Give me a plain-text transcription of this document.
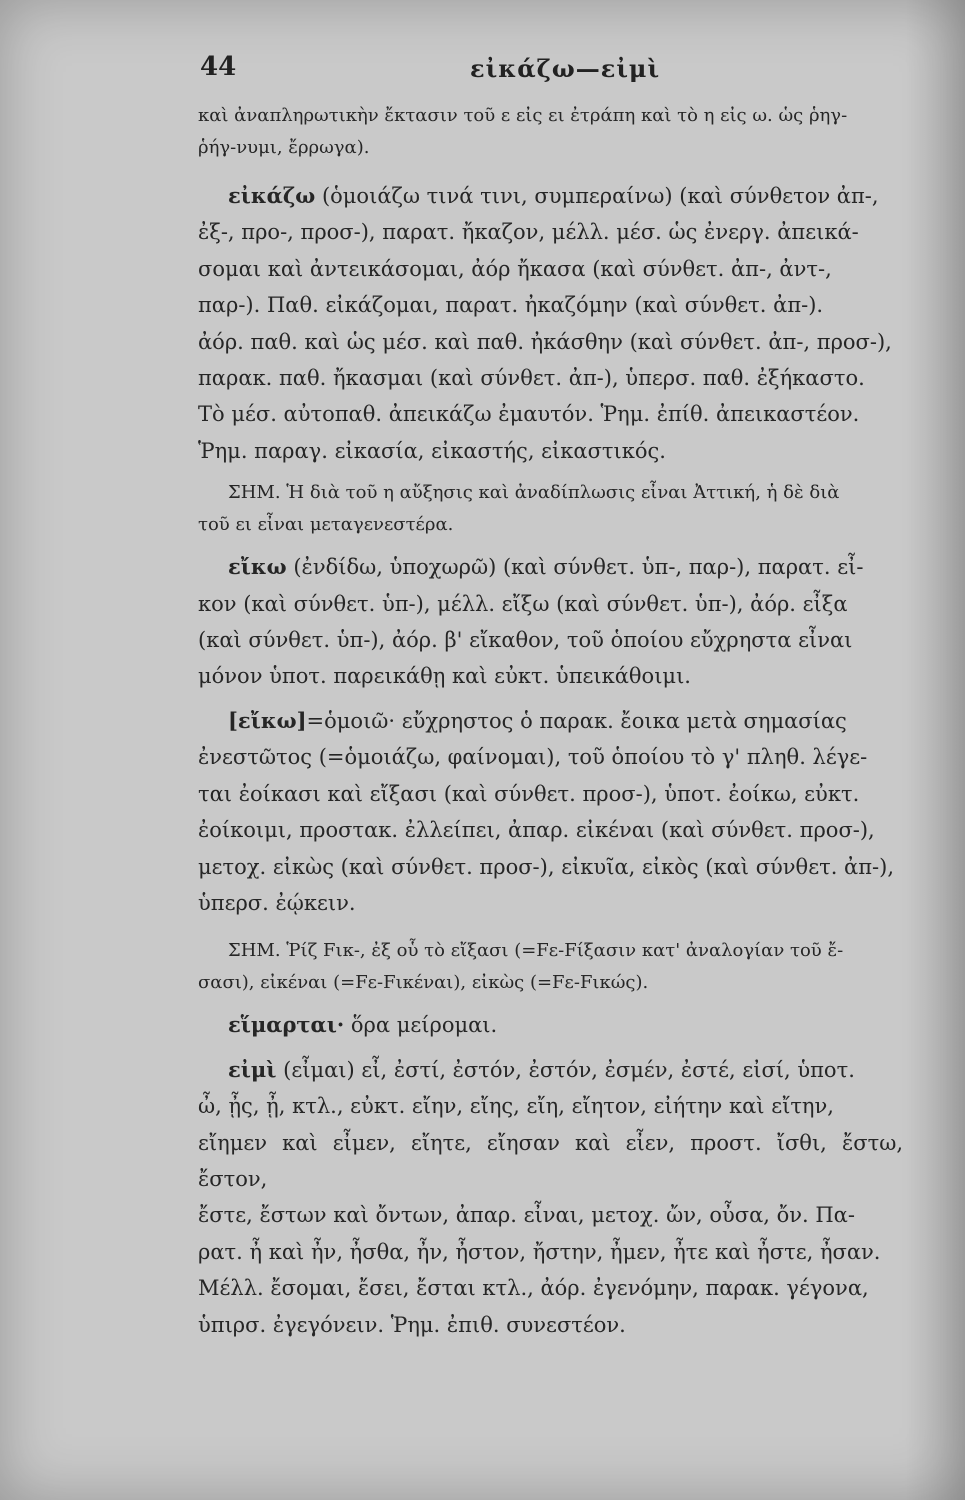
44	εἰκάζω—εἰμὶ
καὶ ἀναπληρωτικὴν ἔκτασιν τοῦ ε εἰς ει ἐτράπη καὶ τὸ η εἰς ω. ὡς ῥηγ-
ῥήγ-νυμι, ἔρρωγα).
εἰκάζω (ὁμοιάζω τινά τινι, συμπεραίνω) (καὶ σύνθετον ἀπ-,
ἐξ-, προ-, προσ-), παρατ. ἤκαζον, μέλλ. μέσ. ὡς ἐνεργ. ἀπεικά-
σομαι καὶ ἀντεικάσομαι, ἀόρ ἤκασα (καὶ σύνθετ. ἀπ-, ἀντ-,
παρ-). Παθ. εἰκάζομαι, παρατ. ἠκαζόμην (καὶ σύνθετ. ἀπ-).
ἀόρ. παθ. καὶ ὡς μέσ. καὶ παθ. ἠκάσθην (καὶ σύνθετ. ἀπ-, προσ-),
παρακ. παθ. ἤκασμαι (καὶ σύνθετ. ἀπ-), ὑπερσ. παθ. ἐξήκαστο.
Τὸ μέσ. αὐτοπαθ. ἀπεικάζω ἐμαυτόν. Ῥημ. ἐπίθ. ἀπεικαστέον.
Ῥημ. παραγ. εἰκασία, εἰκαστής, εἰκαστικός.
ΣΗΜ. Ἡ διὰ τοῦ η αὔξησις καὶ ἀναδίπλωσις εἶναι Ἀττική, ἡ δὲ διὰ
τοῦ ει εἶναι μεταγενεστέρα.
εἴκω (ἐνδίδω, ὑποχωρῶ) (καὶ σύνθετ. ὑπ-, παρ-), παρατ. εἶ-
κον (καὶ σύνθετ. ὑπ-), μέλλ. εἴξω (καὶ σύνθετ. ὑπ-), ἀόρ. εἶξα
(καὶ σύνθετ. ὑπ-), ἀόρ. β' εἴκαθον, τοῦ ὁποίου εὔχρηστα εἶναι
μόνον ὑποτ. παρεικάθῃ καὶ εὐκτ. ὑπεικάθοιμι.
[εἴκω]=ὁμοιῶ· εὔχρηστος ὁ παρακ. ἔοικα μετὰ σημασίας
ἐνεστῶτος (=ὁμοιάζω, φαίνομαι), τοῦ ὁποίου τὸ γ' πληθ. λέγε-
ται ἐοίκασι καὶ εἴξασι (καὶ σύνθετ. προσ-), ὑποτ. ἐοίκω, εὐκτ.
ἐοίκοιμι, προστακ. ἐλλείπει, ἀπαρ. εἰκέναι (καὶ σύνθετ. προσ-),
μετοχ. εἰκὼς (καὶ σύνθετ. προσ-), εἰκυῖα, εἰκὸς (καὶ σύνθετ. ἀπ-),
ὑπερσ. ἐῴκειν.
ΣΗΜ. Ῥίζ Fικ-, ἐξ οὗ τὸ εἴξασι (=Fε-Fίξασιν κατ' ἀναλογίαν τοῦ ἔ-
σασι), εἰκέναι (=Fε-Fικέναι), εἰκὼς (=Fε-Fικώς).
εἵμαρται· ὅρα μείρομαι.
εἰμὶ (εἶμαι) εἶ, ἐστί, ἐστόν, ἐστόν, ἐσμέν, ἐστέ, εἰσί, ὑποτ.
ὦ, ᾖς, ᾖ, κτλ., εὐκτ. εἴην, εἴης, εἴη, εἴητον, εἰήτην καὶ εἴτην,
εἴημεν καὶ εἶμεν, εἴητε, εἴησαν καὶ εἶεν, προστ. ἴσθι, ἔστω, ἔστον,
ἔστε, ἔστων καὶ ὄντων, ἀπαρ. εἶναι, μετοχ. ὤν, οὖσα, ὄν. Πα-
ρατ. ἦ καὶ ἦν, ἦσθα, ἦν, ἦστον, ἤστην, ἦμεν, ἦτε καὶ ἦστε, ἦσαν.
Μέλλ. ἔσομαι, ἔσει, ἔσται κτλ., ἀόρ. ἐγενόμην, παρακ. γέγονα,
ὑπιρσ. ἐγεγόνειν. Ῥημ. ἐπιθ. συνεστέον.
